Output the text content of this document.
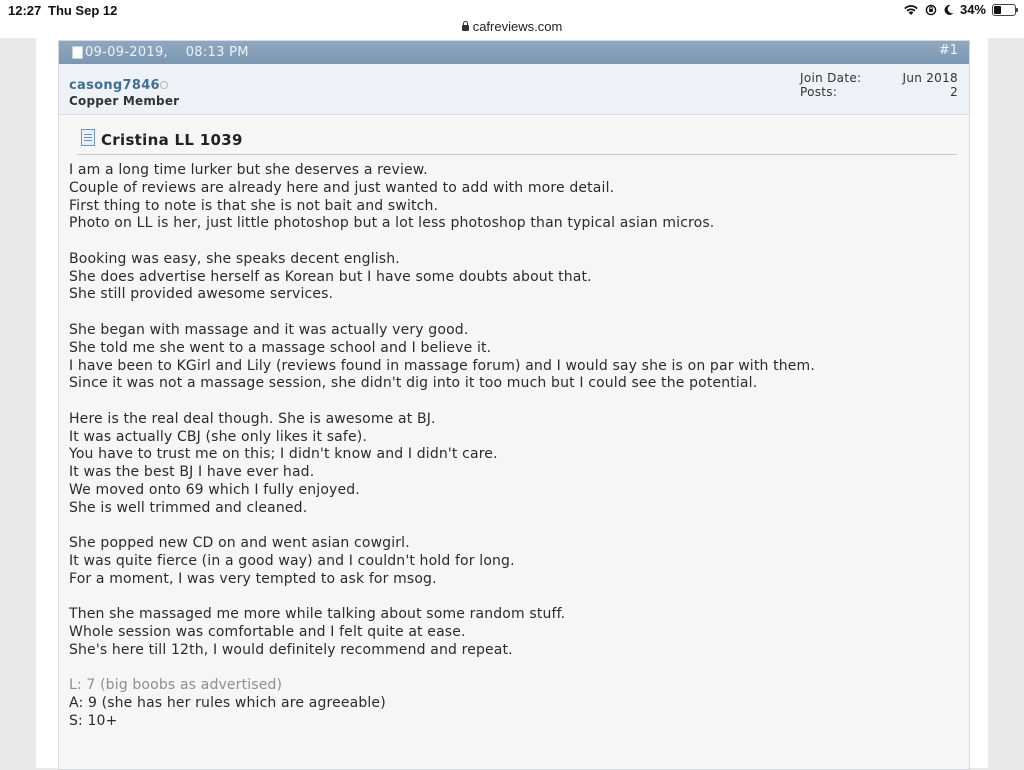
12:27 Thu Sep 12
cafreviews.com
34%
09-09-2019, 08:13 PM	#1
casong7846
Copper Member
Join Date:	Jun 2018
Posts:	2
Cristina LL 1039

I am a long time lurker but she deserves a review.

Couple of reviews are already here and just wanted to add with more detail.

First thing to note is that she is not bait and switch.

Photo on LL is her, just little photoshop but a lot less photoshop than typical asian micros.

Booking was easy, she speaks decent english.

She does advertise herself as Korean but I have some doubts about that.

She still provided awesome services.

She began with massage and it was actually very good.

She told me she went to a massage school and I believe it.

I have been to KGirl and Lily (reviews found in massage forum) and I would say she is on par with them.

Since it was not a massage session, she didn't dig into it too much but I could see the potential.

Here is the real deal though. She is awesome at BJ.

It was actually CBJ (she only likes it safe).

You have to trust me on this; I didn't know and I didn't care.

It was the best BJ I have ever had.

We moved onto 69 which I fully enjoyed.

She is well trimmed and cleaned.

She popped new CD on and went asian cowgirl.

It was quite fierce (in a good way) and I couldn't hold for long.

For a moment, I was very tempted to ask for msog.

Then she massaged me more while talking about some random stuff.

Whole session was comfortable and I felt quite at ease.

She's here till 12th, I would definitely recommend and repeat.

L: 7 (big boobs as advertised)

A: 9 (she has her rules which are agreeable)

S: 10+
